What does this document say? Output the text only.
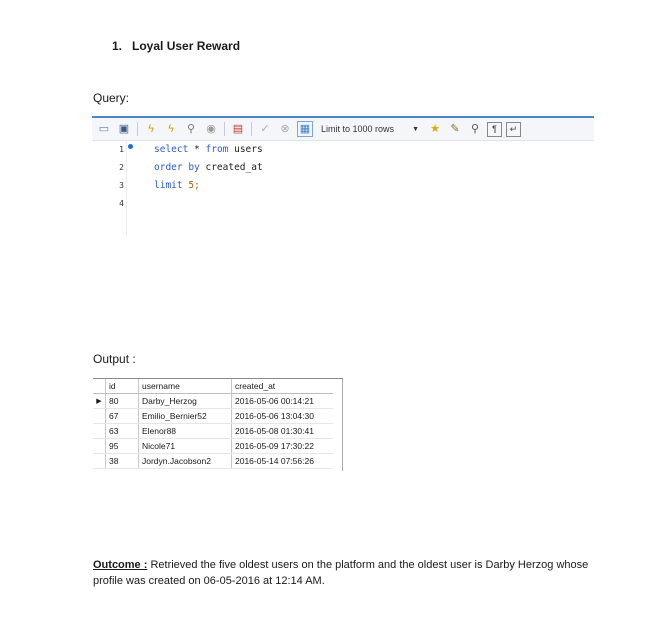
1. Loyal User Reward
Query:
▭ ▣	ϟ	ϟ	⚲	◉ ▤	✓ ⊗ ▦	Limit to 1000 rows	▼ ★ ✎	⚲	¶	↵
1
2
3
4
select * from users
order by created_at
limit 5;
Output :
	id	username	created_at
▶	80	Darby_Herzog	2016-05-06 00:14:21
	67	Emilio_Bernier52	2016-05-06 13:04:30
	63	Elenor88	2016-05-08 01:30:41
	95	Nicole71	2016-05-09 17:30:22
	38	Jordyn.Jacobson2	2016-05-14 07:56:26
Outcome : Retrieved the five oldest users on the platform and the oldest user is Darby Herzog whose profile was created on 06-05-2016 at 12:14 AM.
